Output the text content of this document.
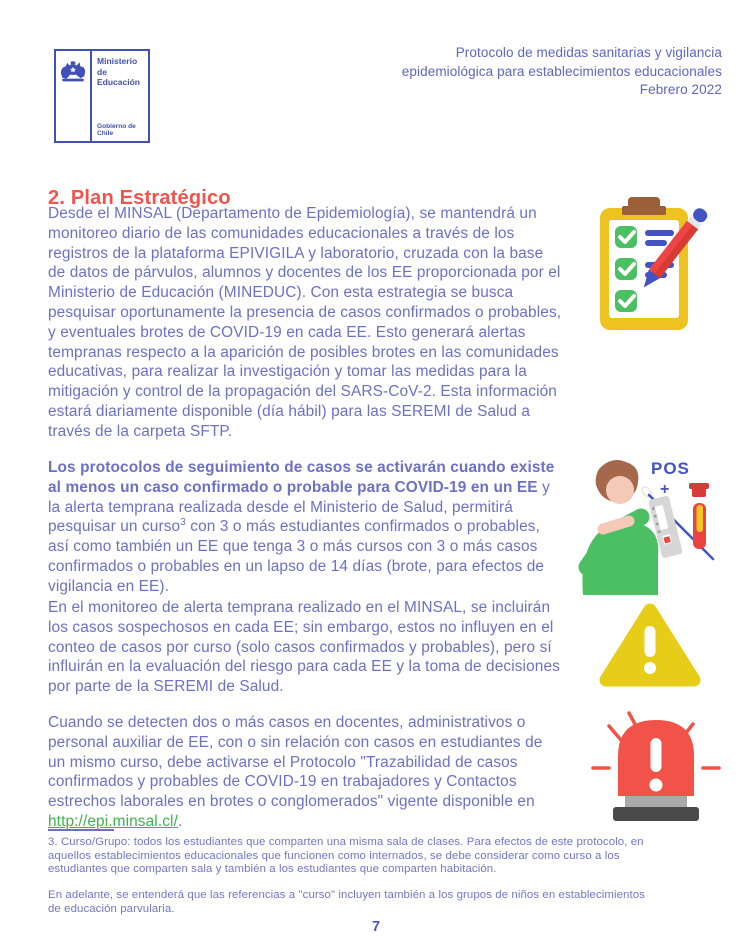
Ministerio de Educación
Gobierno de Chile
Protocolo de medidas sanitarias y vigilancia
epidemiológica para establecimientos educacionales
Febrero 2022
2. Plan Estratégico

Desde el MINSAL (Departamento de Epidemiología), se mantendrá un monitoreo diario de las comunidades educacionales a través de los registros de la plataforma EPIVIGILA y laboratorio, cruzada con la base de datos de párvulos, alumnos y docentes de los EE proporcionada por el Ministerio de Educación (MINEDUC). Con esta estrategia se busca pesquisar oportunamente la presencia de casos confirmados o probables, y eventuales brotes de COVID-19 en cada EE. Esto generará alertas tempranas respecto a la aparición de posibles brotes en las comunidades educativas, para realizar la investigación y tomar las medidas para la mitigación y control de la propagación del SARS-CoV-2. Esta información estará diariamente disponible (día hábil) para las SEREMI de Salud a través de la carpeta SFTP.

Los protocolos de seguimiento de casos se activarán cuando existe al menos un caso confirmado o probable para COVID-19 en un EE y la alerta temprana realizada desde el Ministerio de Salud, permitirá pesquisar un curso$^3$ con 3 o más estudiantes confirmados o probables, así como también un EE que tenga 3 o más cursos con 3 o más casos confirmados o probables en un lapso de 14 días (brote, para efectos de vigilancia en EE).

En el monitoreo de alerta temprana realizado en el MINSAL, se incluirán los casos sospechosos en cada EE; sin embargo, estos no influyen en el conteo de casos por curso (solo casos confirmados y probables), pero sí influirán en la evaluación del riesgo para cada EE y la toma de decisiones por parte de la SEREMI de Salud.

Cuando se detecten dos o más casos en docentes, administrativos o personal auxiliar de EE, con o sin relación con casos en estudiantes de un mismo curso, debe activarse el Protocolo "Trazabilidad de casos confirmados y probables de COVID-19 en trabajadores y Contactos estrechos laborales en brotes o conglomerados" vigente disponible en http://epi.minsal.cl/.

3. Curso/Grupo: todos los estudiantes que comparten una misma sala de clases. Para efectos de este protocolo, en aquellos establecimientos educacionales que funcionen como internados, se debe considerar como curso a los estudiantes que comparten sala y también a los estudiantes que comparten habitación.

En adelante, se entenderá que las referencias a "curso" incluyen también a los grupos de niños en establecimientos de educación parvularia.

7
POS
+
